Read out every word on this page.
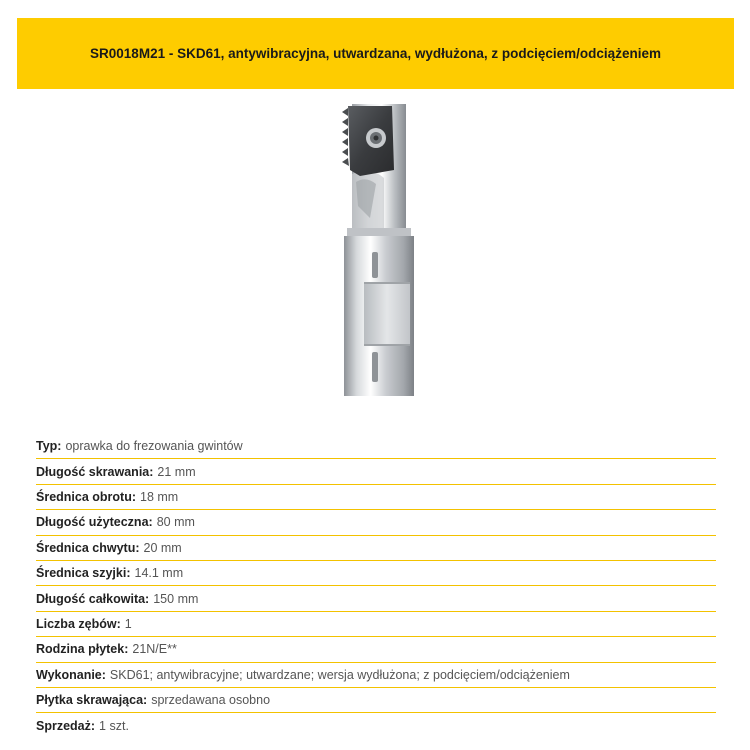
SR0018M21 - SKD61, antywibracyjna, utwardzana, wydłużona, z podcięciem/odciążeniem
Typ: oprawka do frezowania gwintów
Długość skrawania: 21 mm
Średnica obrotu: 18 mm
Długość użyteczna: 80 mm
Średnica chwytu: 20 mm
Średnica szyjki: 14.1 mm
Długość całkowita: 150 mm
Liczba zębów: 1
Rodzina płytek: 21N/E**
Wykonanie: SKD61; antywibracyjne; utwardzane; wersja wydłużona; z podcięciem/odciążeniem
Płytka skrawająca: sprzedawana osobno
Sprzedaż: 1 szt.
